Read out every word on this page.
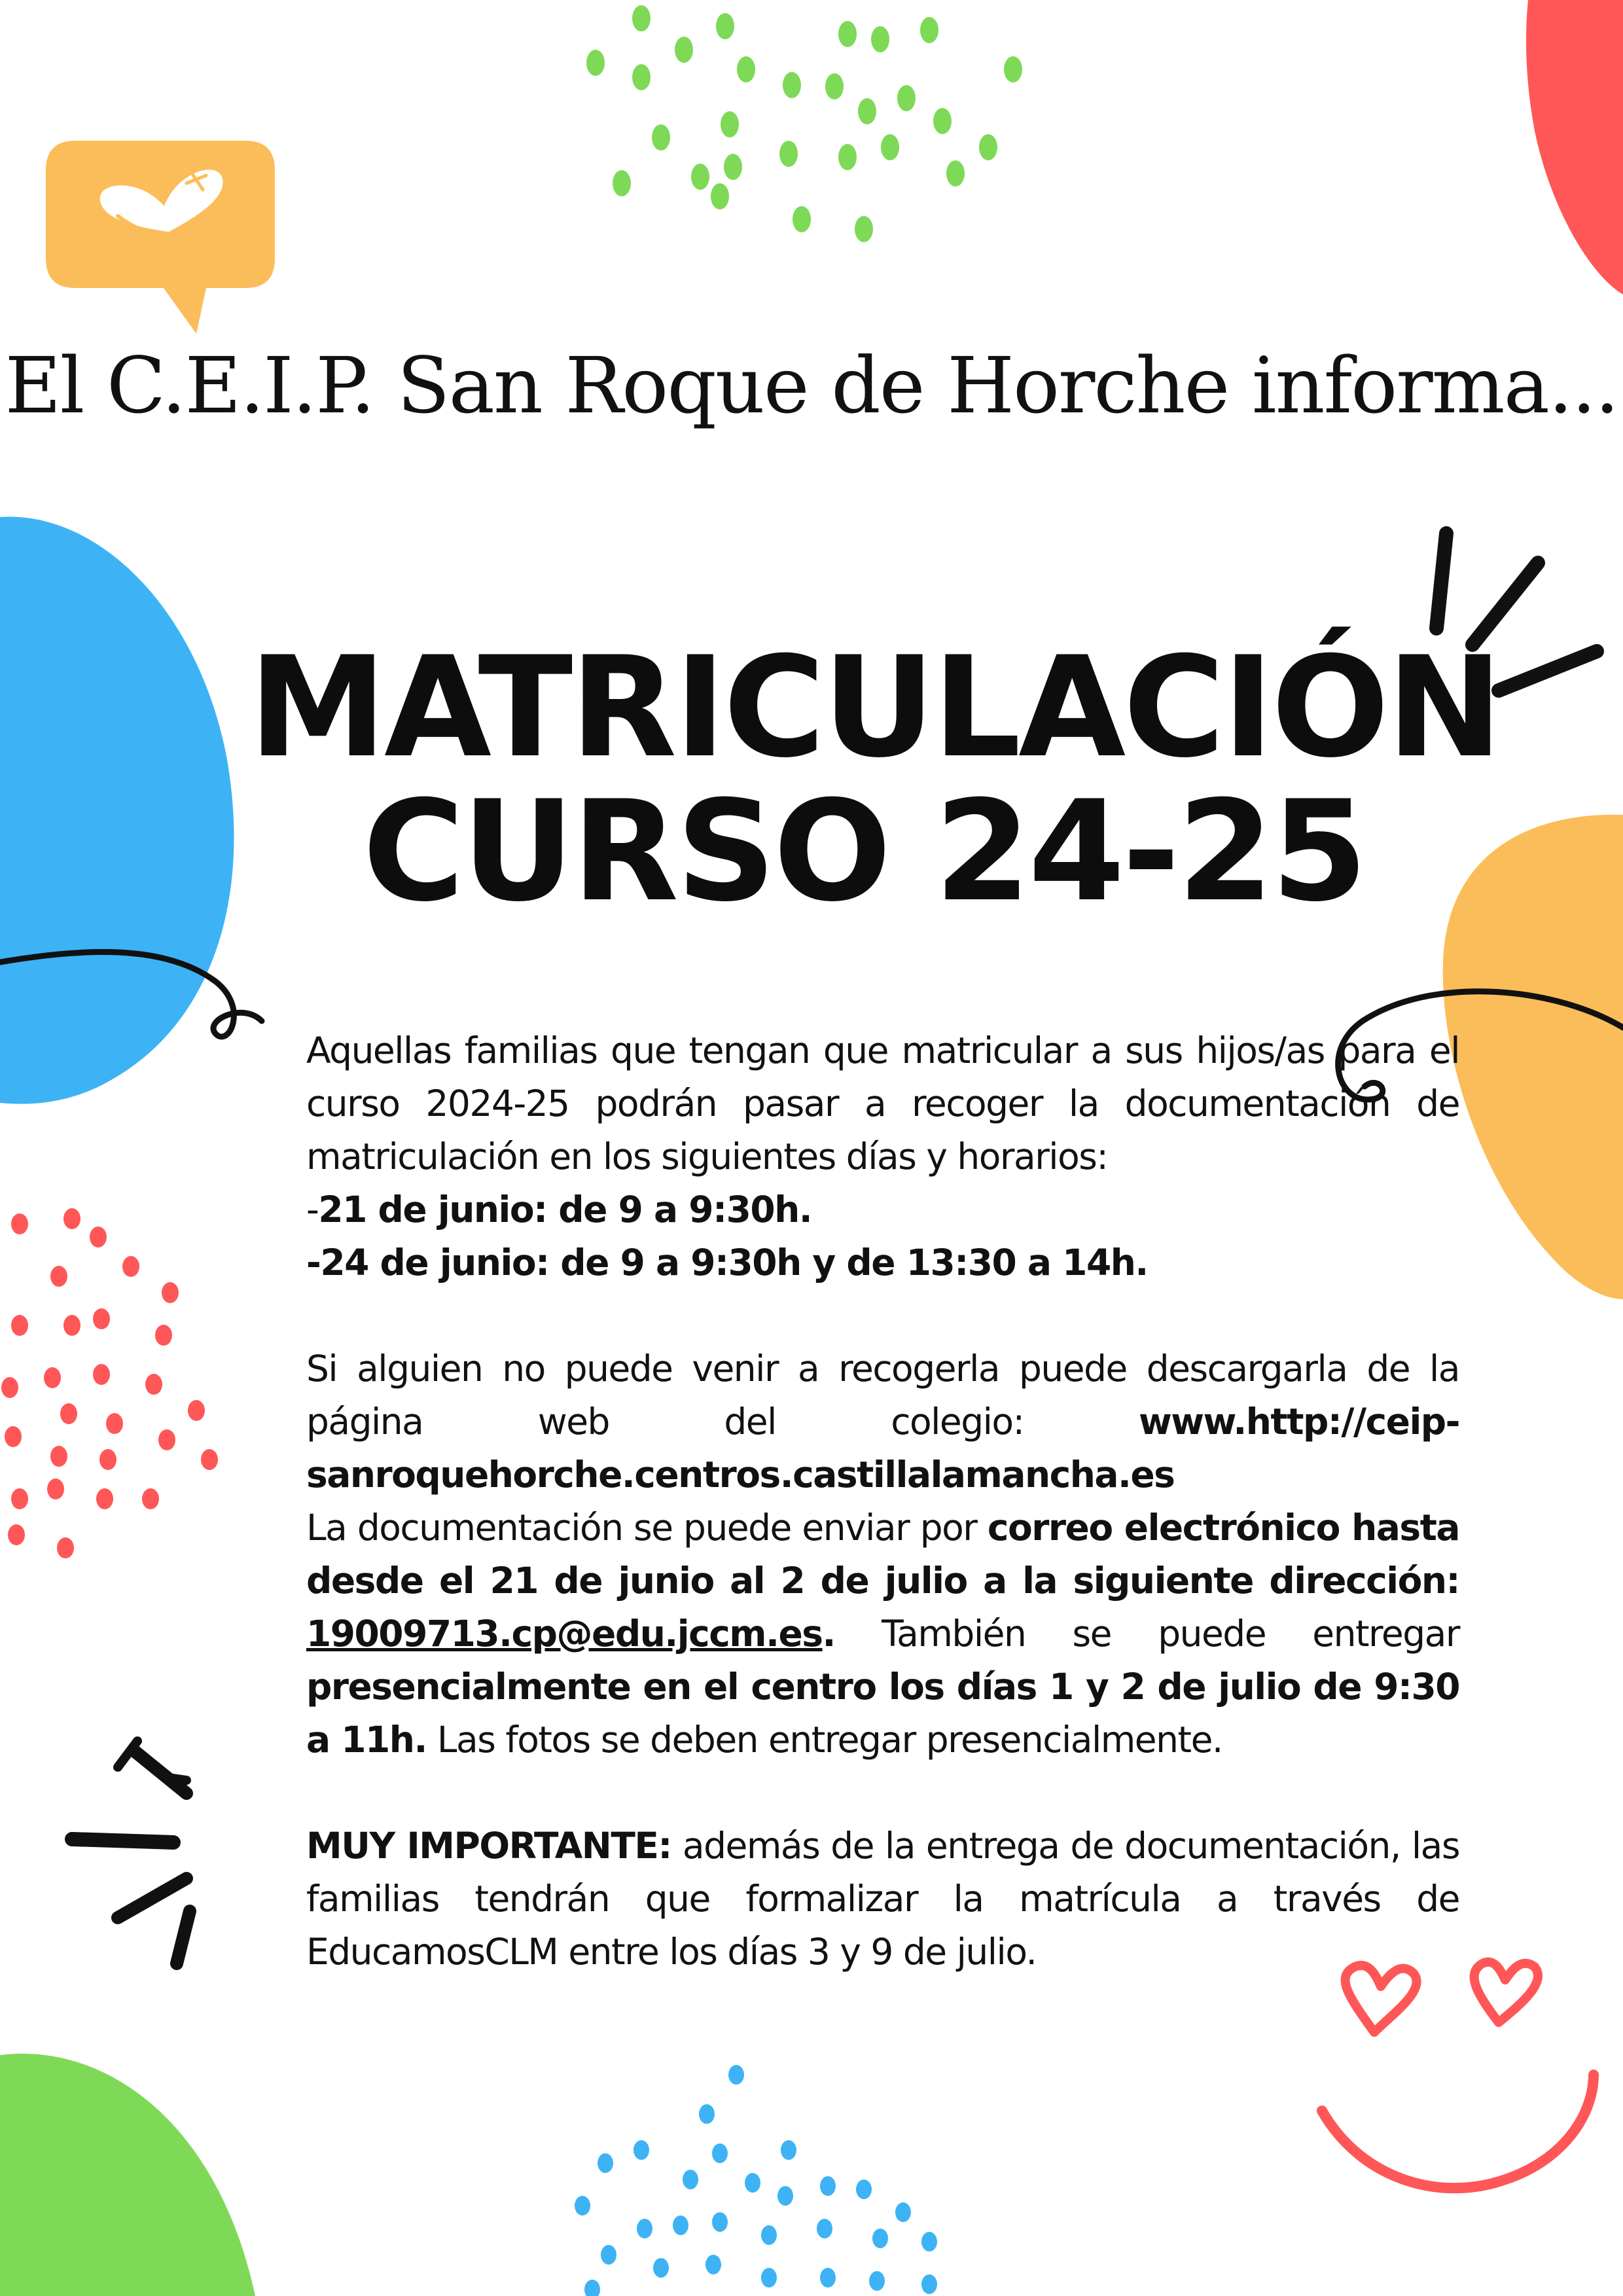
El C.E.I.P. San Roque de Horche informa...
MATRICULACIÓN
CURSO 24-25

Aquellas familias que tengan que matricular a sus hijos/as para el curso 2024-25 podrán pasar a recoger la documentación de matriculación en los siguientes días y horarios:

-21 de junio: de 9 a 9:30h.

-24 de junio: de 9 a 9:30h y de 13:30 a 14h.

Si alguien no puede venir a recogerla puede descargarla de la página web del colegio: www.http://ceip-sanroquehorche.centros.castillalamancha.es

La documentación se puede enviar por correo electrónico hasta desde el 21 de junio al 2 de julio a la siguiente dirección: 19009713.cp@edu.jccm.es. También se puede entregar presencialmente en el centro los días 1 y 2 de julio de 9:30 a 11h. Las fotos se deben entregar presencialmente.

MUY IMPORTANTE: además de la entrega de documentación, las familias tendrán que formalizar la matrícula a través de EducamosCLM entre los días 3 y 9 de julio.
